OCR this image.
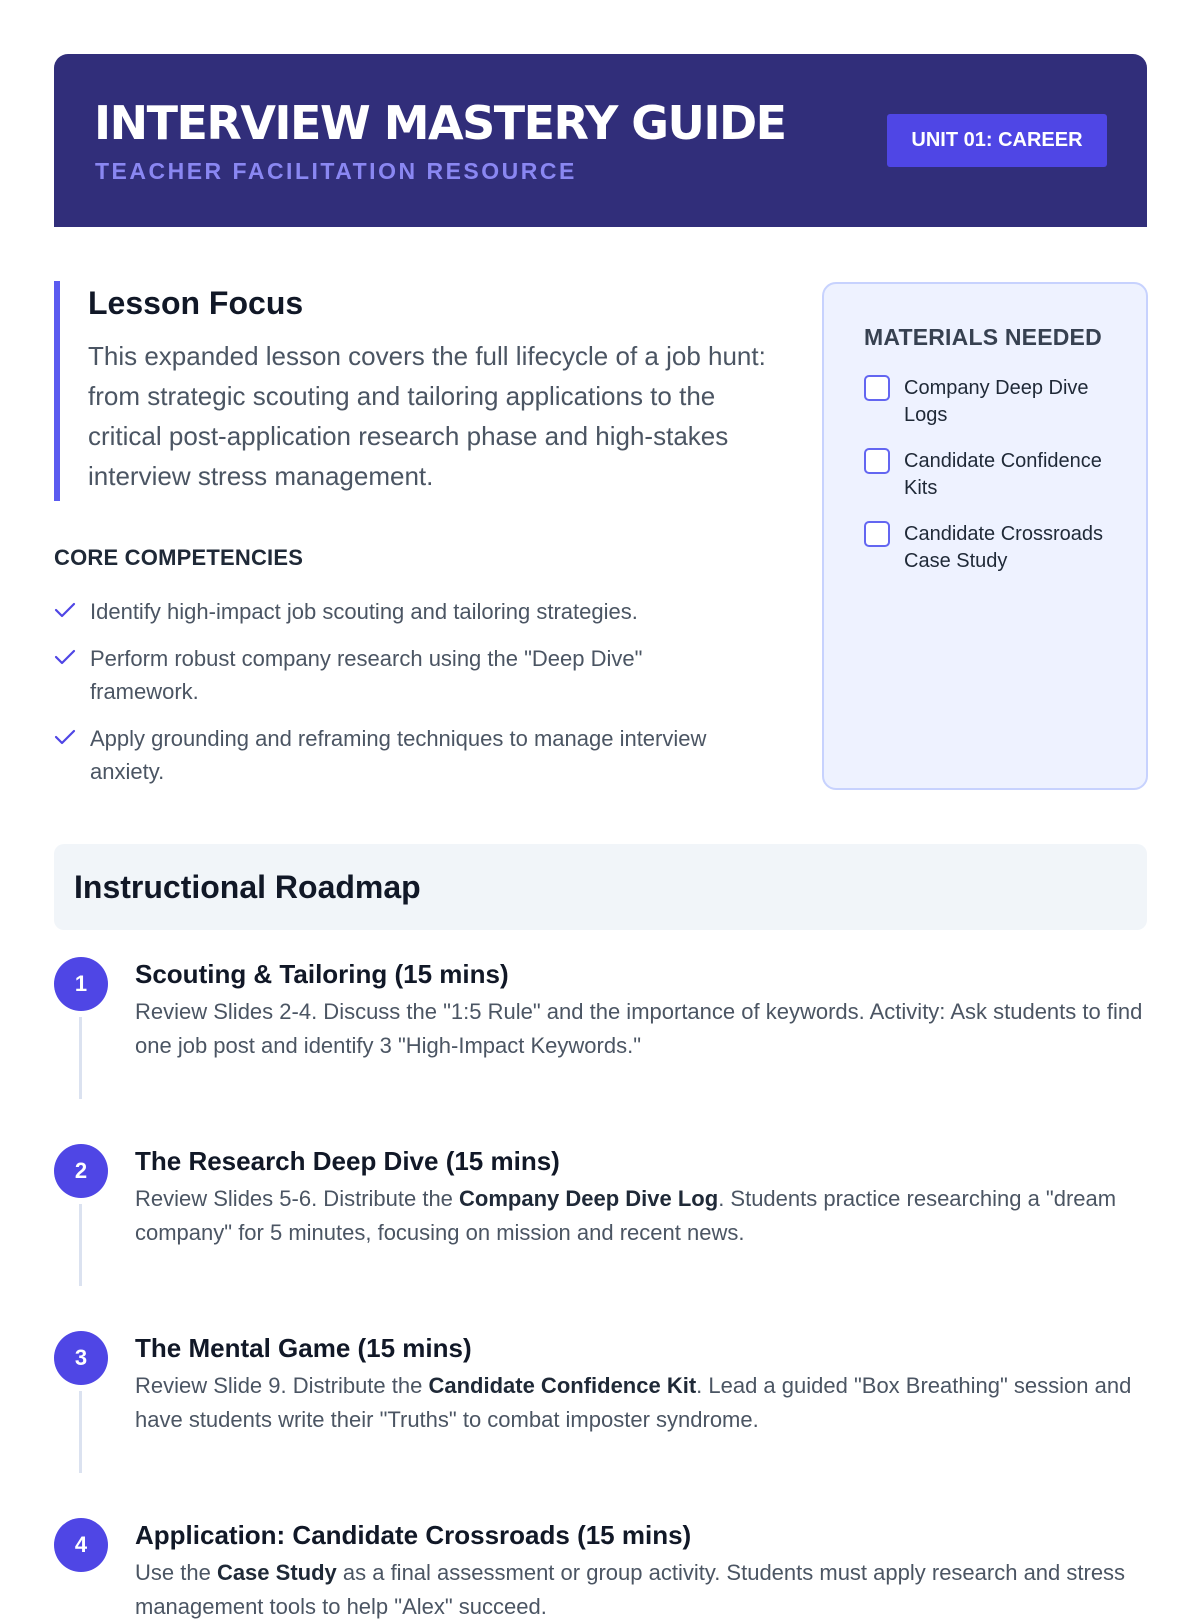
INTERVIEW MASTERY GUIDE
TEACHER FACILITATION RESOURCE
UNIT 01: CAREER
Lesson Focus
This expanded lesson covers the full lifecycle of a job hunt: from strategic scouting and tailoring applications to the critical post-application research phase and high-stakes interview stress management.
CORE COMPETENCIES
Identify high-impact job scouting and tailoring strategies.
Perform robust company research using the "Deep Dive" framework.
Apply grounding and reframing techniques to manage interview anxiety.
MATERIALS NEEDED
Company Deep Dive Logs
Candidate Confidence Kits
Candidate Crossroads Case Study
Instructional Roadmap
1	Scouting & Tailoring (15 mins)
Review Slides 2-4. Discuss the "1:5 Rule" and the importance of keywords. Activity: Ask students to find one job post and identify 3 "High-Impact Keywords."
2	The Research Deep Dive (15 mins)
Review Slides 5-6. Distribute the Company Deep Dive Log. Students practice researching a "dream company" for 5 minutes, focusing on mission and recent news.
3	The Mental Game (15 mins)
Review Slide 9. Distribute the Candidate Confidence Kit. Lead a guided "Box Breathing" session and have students write their "Truths" to combat imposter syndrome.
4	Application: Candidate Crossroads (15 mins)
Use the Case Study as a final assessment or group activity. Students must apply research and stress management tools to help "Alex" succeed.
